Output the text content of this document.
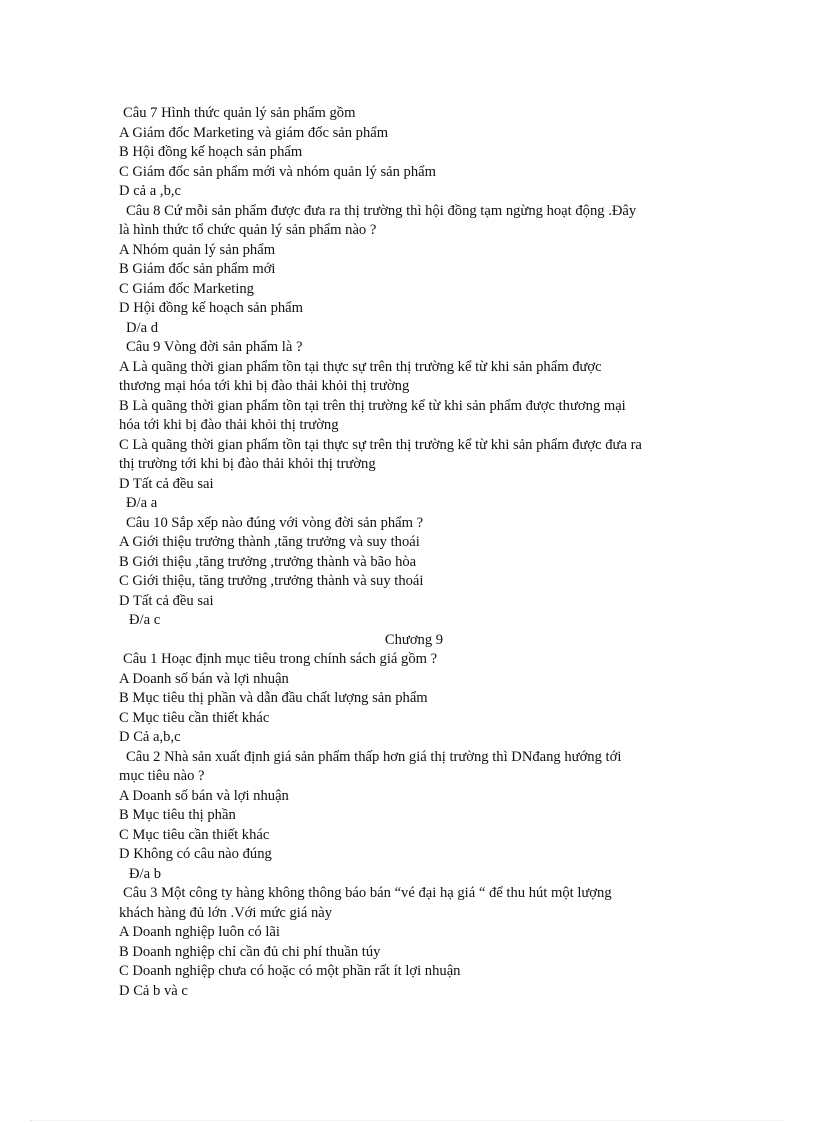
Câu 7 Hình thức quản lý sản phẩm gồm
A Giám đốc Marketing và giám đốc sản phẩm
B Hội đồng kế hoạch sản phẩm
C Giám đốc sản phẩm mới và nhóm quản lý sản phẩm
D cả a ,b,c
Câu 8 Cứ mỗi sản phẩm được đưa ra thị trường thì hội đồng tạm ngừng hoạt động .Đây
là hình thức tổ chức quản lý sản phẩm nào ?
A Nhóm quản lý sản phẩm
B Giám đốc sản phẩm mới
C Giám đốc Marketing
D Hội đồng kế hoạch sản phẩm
D/a d
Câu 9 Vòng đời sản phẩm là ?
A Là quãng thời gian phẩm tồn tại thực sự trên thị trường kể từ khi sản phẩm được
thương mại hóa tới khi bị đào thải khỏi thị trường
B Là quãng thời gian phẩm tồn tại trên thị trường kể từ khi sản phẩm được thương mại
hóa tới khi bị đào thải khỏi thị trường
C Là quãng thời gian phẩm tồn tại thực sự trên thị trường kể từ khi sản phẩm được đưa ra
thị trường tới khi bị đào thải khỏi thị trường
D Tất cả đều sai
Đ/a a
Câu 10 Sắp xếp nào đúng với vòng đời sản phẩm ?
A Giới thiệu trưởng thành ,tăng trưởng và suy thoái
B Giới thiệu ,tăng trưởng ,trưởng thành và bão hòa
C Giới thiệu, tăng trưởng ,trưởng thành và suy thoái
D Tất cả đều sai
Đ/a c
Chương 9
Câu 1 Hoạc định mục tiêu trong chính sách giá gồm ?
A Doanh số bán và lợi nhuận
B Mục tiêu thị phần và dẫn đầu chất lượng sản phẩm
C Mục tiêu cần thiết khác
D Cả a,b,c
Câu 2 Nhà sản xuất định giá sản phẩm thấp hơn giá thị trường thì DNđang hướng tới
mục tiêu nào ?
A Doanh số bán và lợi nhuận
B Mục tiêu thị phần
C Mục tiêu cần thiết khác
D Không có câu nào đúng
Đ/a b
Câu 3 Một công ty hàng không thông báo bán “vé đại hạ giá “ để thu hút một lượng
khách hàng đủ lớn .Với mức giá này
A Doanh nghiệp luôn có lãi
B Doanh nghiệp chỉ cần đủ chi phí thuần túy
C Doanh nghiệp chưa có hoặc có một phần rất ít lợi nhuận
D Cả b và c
